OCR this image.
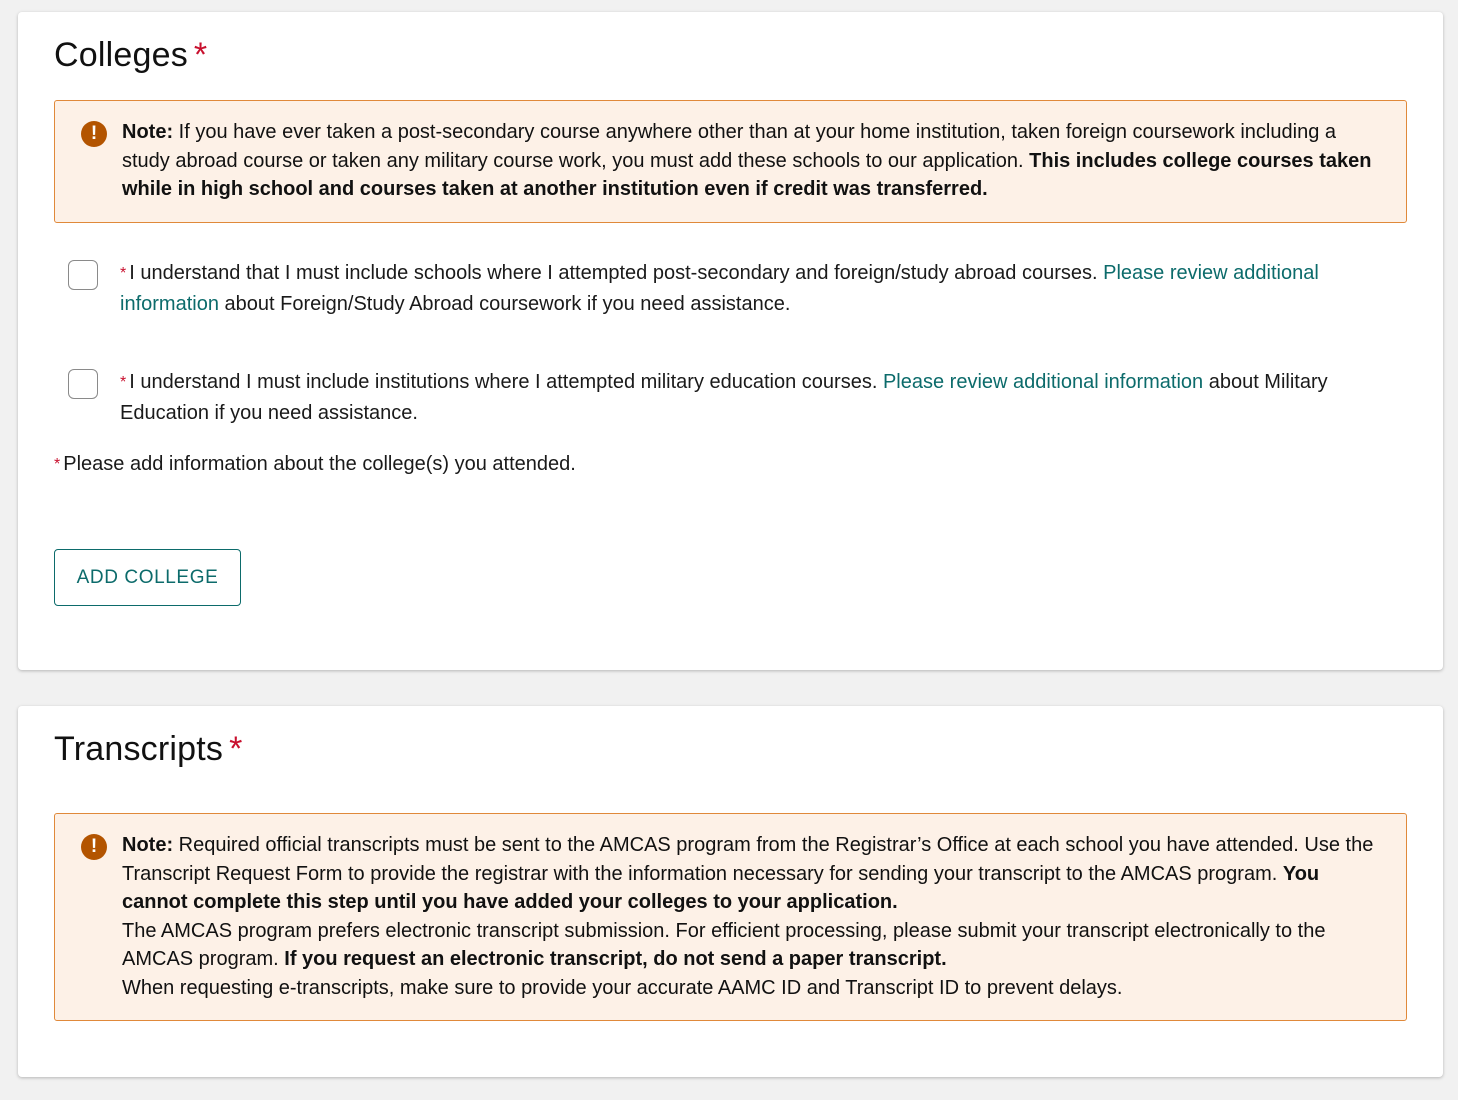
Colleges *
!	Note: If you have ever taken a post-secondary course anywhere other than at your home institution, taken foreign coursework including a study abroad course or taken any military course work, you must add these schools to our application. This includes college courses taken while in high school and courses taken at another institution even if credit was transferred.
* I understand that I must include schools where I attempted post-secondary and foreign/study abroad courses. Please review additional information about Foreign/Study Abroad coursework if you need assistance.
* I understand I must include institutions where I attempted military education courses. Please review additional information about Military Education if you need assistance.
* Please add information about the college(s) you attended.
ADD COLLEGE
Transcripts *
!	Note: Required official transcripts must be sent to the AMCAS program from the Registrar’s Office at each school you have attended. Use the Transcript Request Form to provide the registrar with the information necessary for sending your transcript to the AMCAS program. You cannot complete this step until you have added your colleges to your application.
The AMCAS program prefers electronic transcript submission. For efficient processing, please submit your transcript electronically to the AMCAS program. If you request an electronic transcript, do not send a paper transcript.
When requesting e-transcripts, make sure to provide your accurate AAMC ID and Transcript ID to prevent delays.
